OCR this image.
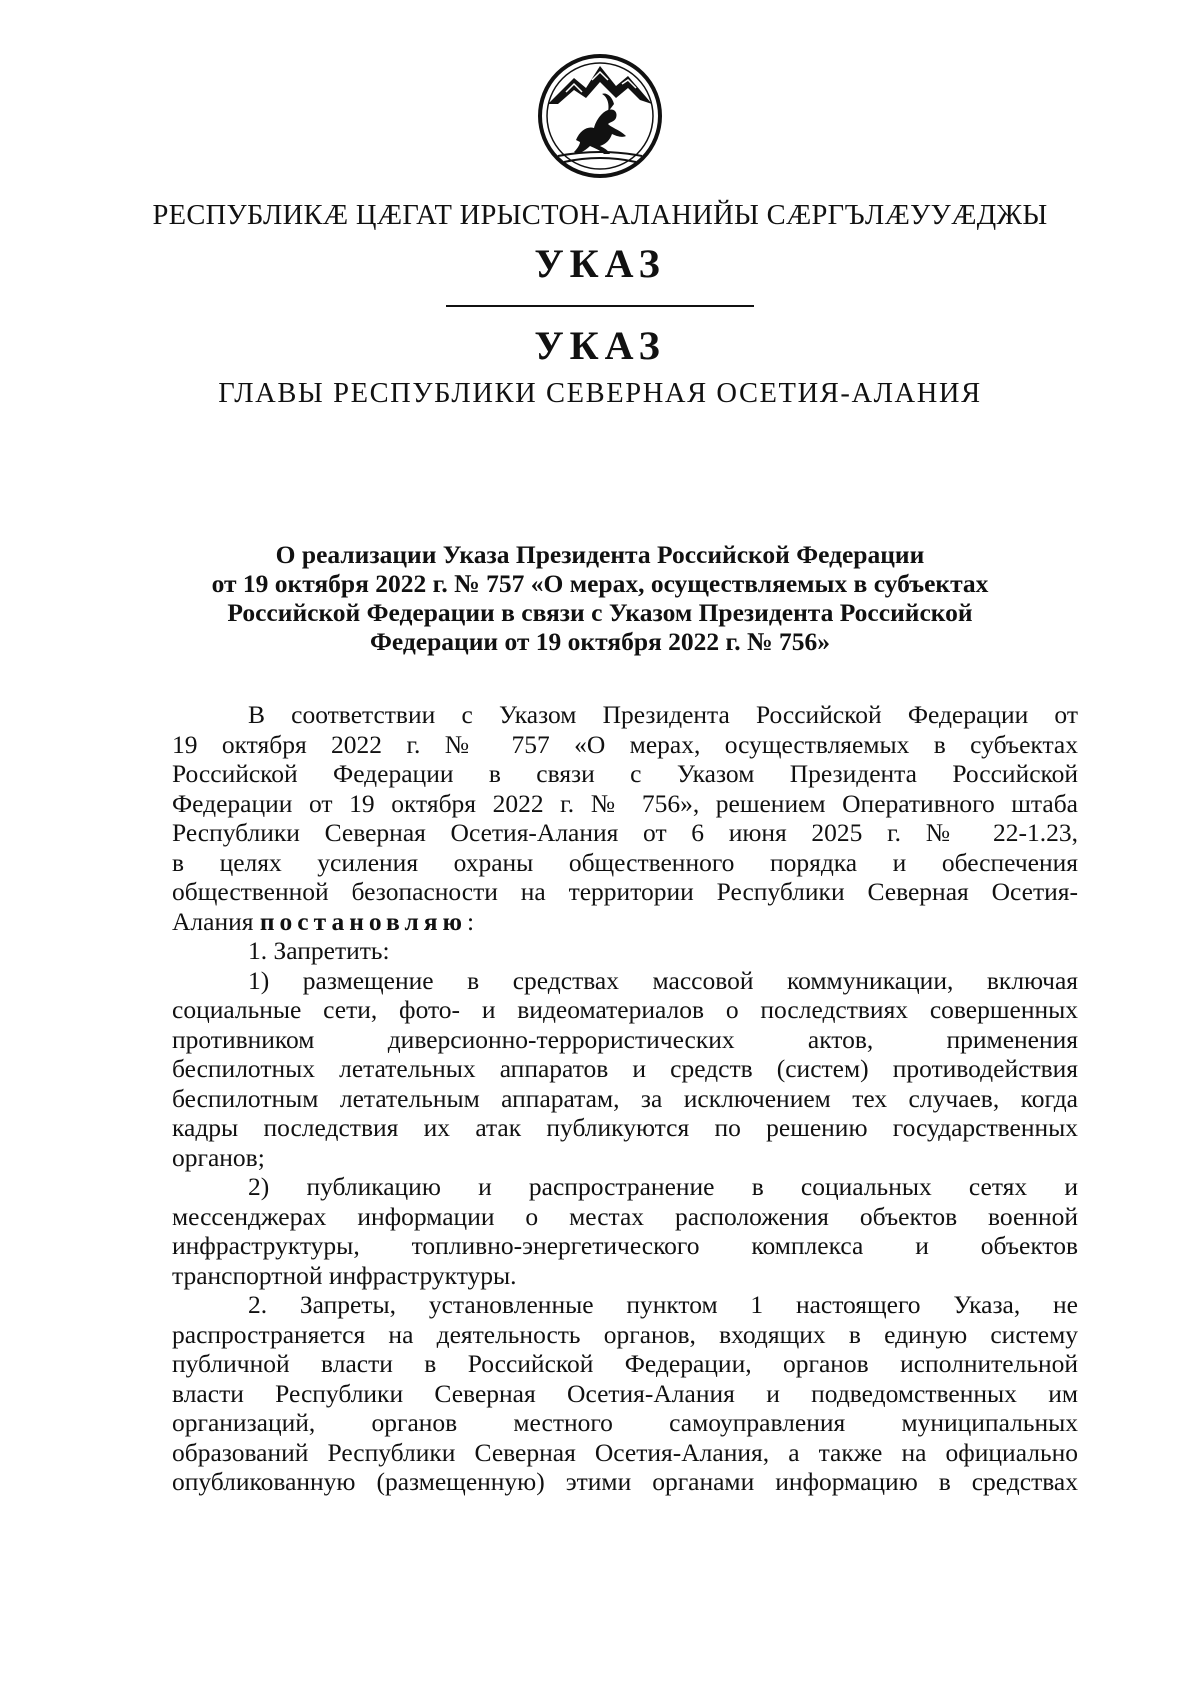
РЕСПУБЛИКӔ ЦӔГАТ ИРЫСТОН-АЛАНИЙЫ СӔРГЪЛӔУУӔДЖЫ

УКАЗ

УКАЗ

ГЛАВЫ РЕСПУБЛИКИ СЕВЕРНАЯ ОСЕТИЯ-АЛАНИЯ

О реализации Указа Президента Российской Федерации
от 19 октября 2022 г. № 757 «О мерах, осуществляемых в субъектах
Российской Федерации в связи с Указом Президента Российской
Федерации от 19 октября 2022 г. № 756»
В соответствии с Указом Президента Российской Федерации от
19 октября 2022 г. № 757 «О мерах, осуществляемых в субъектах
Российской Федерации в связи с Указом Президента Российской
Федерации от 19 октября 2022 г. № 756», решением Оперативного штаба
Республики Северная Осетия-Алания от 6 июня 2025 г. № 22-1.23,
в целях усиления охраны общественного порядка и обеспечения
общественной безопасности на территории Республики Северная Осетия-
Алания постановляю:
1. Запретить:
1) размещение в средствах массовой коммуникации, включая
социальные сети, фото- и видеоматериалов о последствиях совершенных
противником диверсионно-террористических актов, применения
беспилотных летательных аппаратов и средств (систем) противодействия
беспилотным летательным аппаратам, за исключением тех случаев, когда
кадры последствия их атак публикуются по решению государственных
органов;
2) публикацию и распространение в социальных сетях и
мессенджерах информации о местах расположения объектов военной
инфраструктуры, топливно-энергетического комплекса и объектов
транспортной инфраструктуры.
2. Запреты, установленные пунктом 1 настоящего Указа, не
распространяется на деятельность органов, входящих в единую систему
публичной власти в Российской Федерации, органов исполнительной
власти Республики Северная Осетия-Алания и подведомственных им
организаций, органов местного самоуправления муниципальных
образований Республики Северная Осетия-Алания, а также на официально
опубликованную (размещенную) этими органами информацию в средствах
